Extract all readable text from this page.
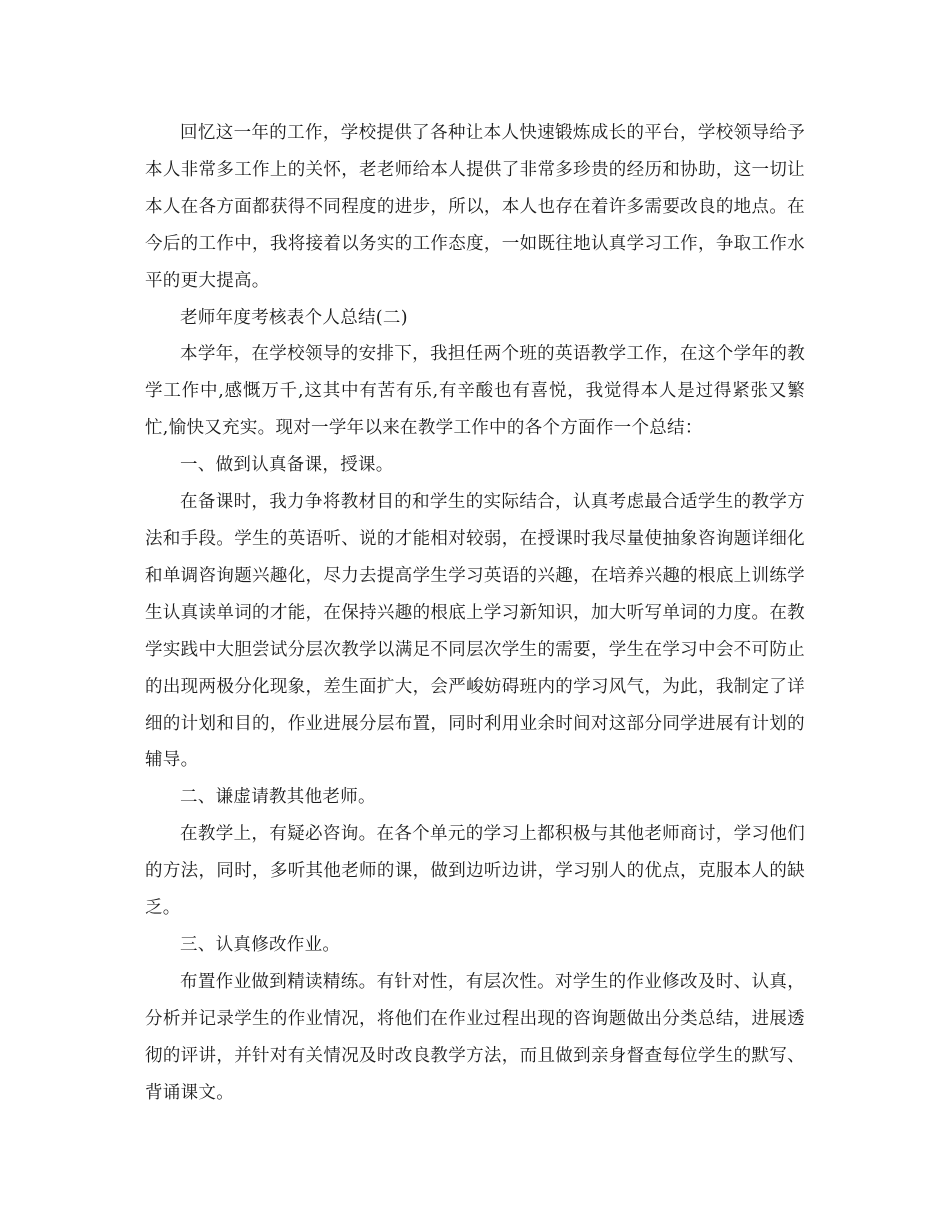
回忆这一年的工作，学校提供了各种让本人快速锻炼成长的平台，学校领导给予本人非常多工作上的关怀，老老师给本人提供了非常多珍贵的经历和协助，这一切让本人在各方面都获得不同程度的进步，所以，本人也存在着许多需要改良的地点。在今后的工作中，我将接着以务实的工作态度，一如既往地认真学习工作，争取工作水平的更大提高。

老师年度考核表个人总结(二)

本学年，在学校领导的安排下，我担任两个班的英语教学工作，在这个学年的教学工作中,感慨万千,这其中有苦有乐,有辛酸也有喜悦，我觉得本人是过得紧张又繁忙,愉快又充实。现对一学年以来在教学工作中的各个方面作一个总结：

一、做到认真备课，授课。

在备课时，我力争将教材目的和学生的实际结合，认真考虑最合适学生的教学方法和手段。学生的英语听、说的才能相对较弱，在授课时我尽量使抽象咨询题详细化和单调咨询题兴趣化，尽力去提高学生学习英语的兴趣，在培养兴趣的根底上训练学生认真读单词的才能，在保持兴趣的根底上学习新知识，加大听写单词的力度。在教学实践中大胆尝试分层次教学以满足不同层次学生的需要，学生在学习中会不可防止的出现两极分化现象，差生面扩大，会严峻妨碍班内的学习风气，为此，我制定了详细的计划和目的，作业进展分层布置，同时利用业余时间对这部分同学进展有计划的辅导。

二、谦虚请教其他老师。

在教学上，有疑必咨询。在各个单元的学习上都积极与其他老师商讨，学习他们的方法，同时，多听其他老师的课，做到边听边讲，学习别人的优点，克服本人的缺乏。

三、认真修改作业。

布置作业做到精读精练。有针对性，有层次性。对学生的作业修改及时、认真，分析并记录学生的作业情况，将他们在作业过程出现的咨询题做出分类总结，进展透彻的评讲，并针对有关情况及时改良教学方法，而且做到亲身督查每位学生的默写、背诵课文。
